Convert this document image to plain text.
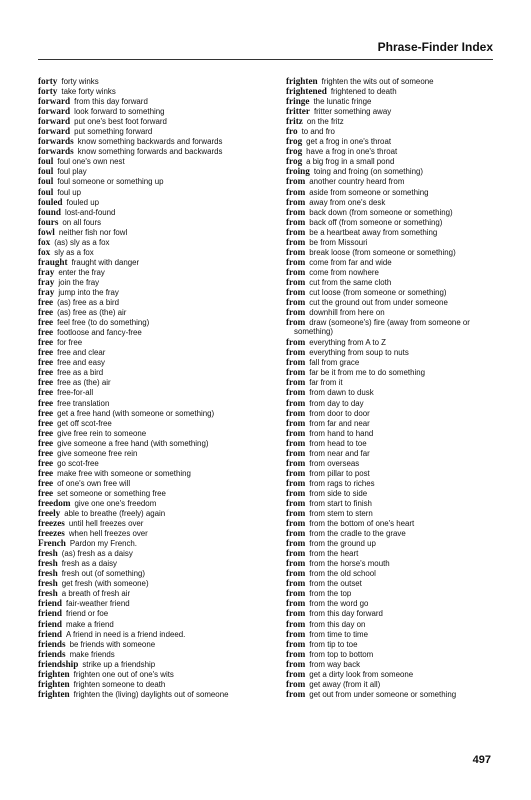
Phrase-Finder Index
forty forty winks
forty take forty winks
forward from this day forward
forward look forward to something
forward put one's best foot forward
forward put something forward
forwards know something backwards and forwards
forwards know something forwards and backwards
foul foul one's own nest
foul foul play
foul foul someone or something up
foul foul up
fouled fouled up
found lost-and-found
fours on all fours
fowl neither fish nor fowl
fox (as) sly as a fox
fox sly as a fox
fraught fraught with danger
fray enter the fray
fray join the fray
fray jump into the fray
free (as) free as a bird
free (as) free as (the) air
free feel free (to do something)
free footloose and fancy-free
free for free
free free and clear
free free and easy
free free as a bird
free free as (the) air
free free-for-all
free free translation
free get a free hand (with someone or something)
free get off scot-free
free give free rein to someone
free give someone a free hand (with something)
free give someone free rein
free go scot-free
free make free with someone or something
free of one's own free will
free set someone or something free
freedom give one one's freedom
freely able to breathe (freely) again
freezes until hell freezes over
freezes when hell freezes over
French Pardon my French.
fresh (as) fresh as a daisy
fresh fresh as a daisy
fresh fresh out (of something)
fresh get fresh (with someone)
fresh a breath of fresh air
friend fair-weather friend
friend friend or foe
friend make a friend
friend A friend in need is a friend indeed.
friends be friends with someone
friends make friends
friendship strike up a friendship
frighten frighten one out of one's wits
frighten frighten someone to death
frighten frighten the (living) daylights out of someone
frighten frighten the wits out of someone
frightened frightened to death
fringe the lunatic fringe
fritter fritter something away
fritz on the fritz
fro to and fro
frog get a frog in one's throat
frog have a frog in one's throat
frog a big frog in a small pond
froing toing and froing (on something)
from another country heard from
from aside from someone or something
from away from one's desk
from back down (from someone or something)
from back off (from someone or something)
from be a heartbeat away from something
from be from Missouri
from break loose (from someone or something)
from come from far and wide
from come from nowhere
from cut from the same cloth
from cut loose (from someone or something)
from cut the ground out from under someone
from downhill from here on
from draw (someone's) fire (away from someone or
something)
from everything from A to Z
from everything from soup to nuts
from fall from grace
from far be it from me to do something
from far from it
from from dawn to dusk
from from day to day
from from door to door
from from far and near
from from hand to hand
from from head to toe
from from near and far
from from overseas
from from pillar to post
from from rags to riches
from from side to side
from from start to finish
from from stem to stern
from from the bottom of one's heart
from from the cradle to the grave
from from the ground up
from from the heart
from from the horse's mouth
from from the old school
from from the outset
from from the top
from from the word go
from from this day forward
from from this day on
from from time to time
from from tip to toe
from from top to bottom
from from way back
from get a dirty look from someone
from get away (from it all)
from get out from under someone or something
497
